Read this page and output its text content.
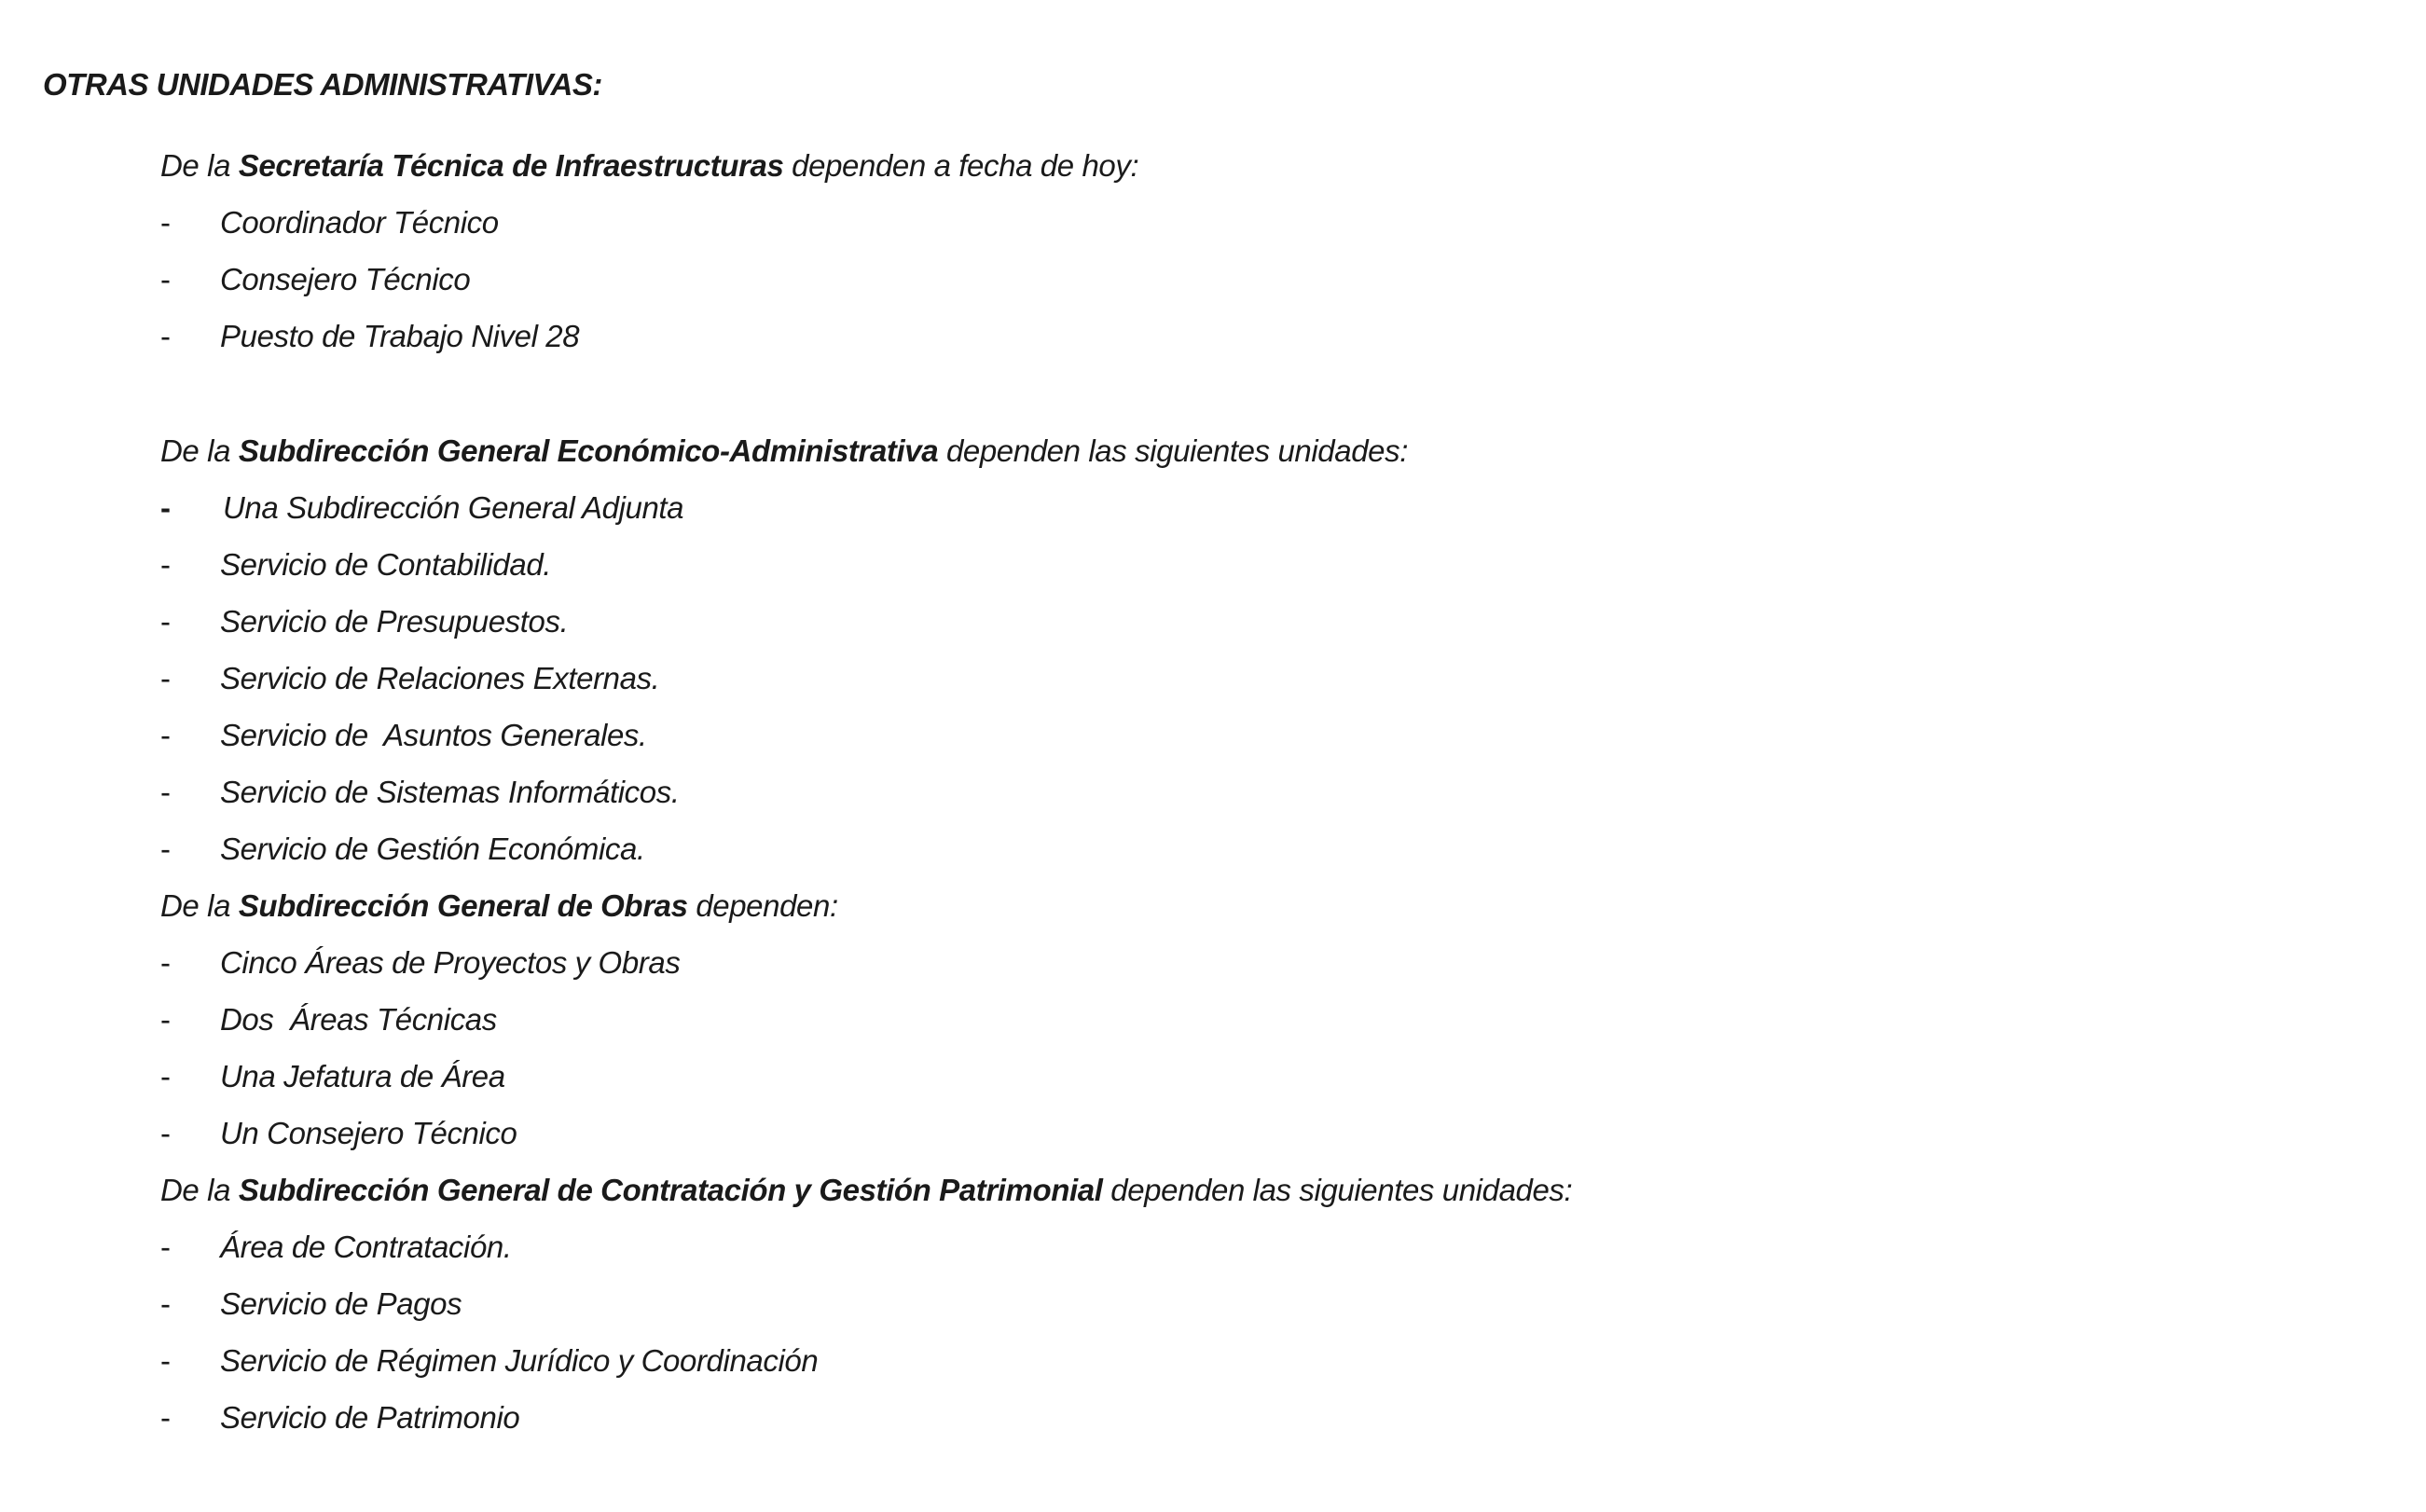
OTRAS UNIDADES ADMINISTRATIVAS:
De la Secretaría Técnica de Infraestructuras dependen a fecha de hoy:
- Coordinador Técnico
- Consejero Técnico
- Puesto de Trabajo Nivel 28
De la Subdirección General Económico-Administrativa dependen las siguientes unidades:
- Una Subdirección General Adjunta
- Servicio de Contabilidad.
- Servicio de Presupuestos.
- Servicio de Relaciones Externas.
- Servicio de  Asuntos Generales.
- Servicio de Sistemas Informáticos.
- Servicio de Gestión Económica.
De la Subdirección General de Obras dependen:
- Cinco Áreas de Proyectos y Obras
- Dos  Áreas Técnicas
- Una Jefatura de Área
- Un Consejero Técnico
De la Subdirección General de Contratación y Gestión Patrimonial dependen las siguientes unidades:
- Área de Contratación.
- Servicio de Pagos
- Servicio de Régimen Jurídico y Coordinación
- Servicio de Patrimonio
